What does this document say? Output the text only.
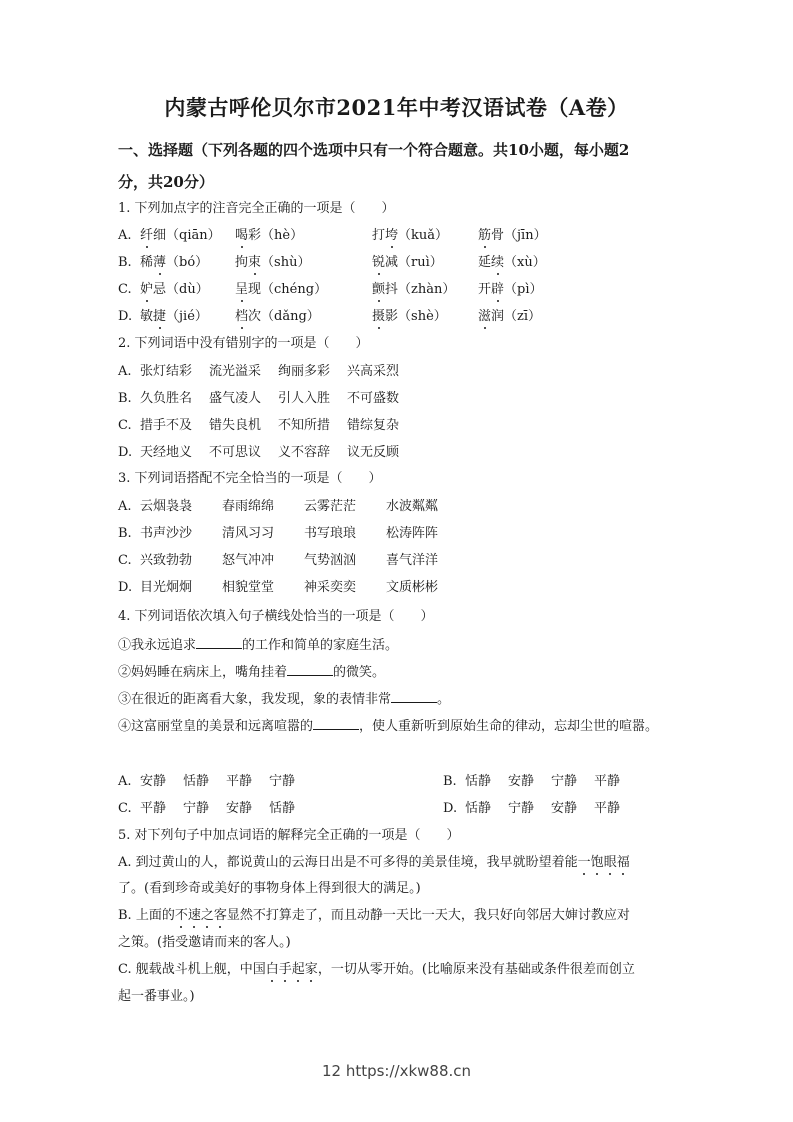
内蒙古呼伦贝尔市2021年中考汉语试卷（A卷）
一、选择题（下列各题的四个选项中只有一个符合题意。共10小题，每小题2
分，共20分）
1. 下列加点字的注音完全正确的一项是（　　）
A. 纤细（qiān） 喝彩（hè）	打垮（kuǎ） 筋骨（jīn）
B. 稀薄（bó） 拘束（shù）	锐减（ruì）	延续（xù）
C. 妒忌（dù） 呈现（chéng）	颤抖（zhàn） 开辟（pì）
D. 敏捷（jié） 档次（dǎng）	摄影（shè） 滋润（zī）
2. 下列词语中没有错别字的一项是（　　）
A. 张灯结彩 流光溢采 绚丽多彩 兴高采烈
B. 久负胜名 盛气凌人 引人入胜 不可盛数
C. 措手不及 错失良机 不知所措 错综复杂
D. 天经地义 不可思议 义不容辞 议无反顾
3. 下列词语搭配不完全恰当的一项是（　　）
A. 云烟袅袅 春雨绵绵 云雾茫茫 水波粼粼
B. 书声沙沙 清风习习 书写琅琅 松涛阵阵
C. 兴致勃勃 怒气冲冲 气势汹汹 喜气洋洋
D. 目光炯炯 相貌堂堂 神采奕奕 文质彬彬
4. 下列词语依次填入句子横线处恰当的一项是（　　）
①我永远追求	的工作和简单的家庭生活。
②妈妈睡在病床上，嘴角挂着	的微笑。
③在很近的距离看大象，我发现，象的表情非常	。
④这富丽堂皇的美景和远离喧嚣的	，使人重新听到原始生命的律动，忘却尘世的喧嚣。
A. 安静 恬静 平静 宁静	B. 恬静 安静 宁静 平静
C. 平静 宁静 安静 恬静	D. 恬静 宁静 安静 平静
5. 对下列句子中加点词语的解释完全正确的一项是（　　）
A. 到过黄山的人，都说黄山的云海日出是不可多得的美景佳境，我早就盼望着能一饱眼福
了。(看到珍奇或美好的事物身体上得到很大的满足。)
B. 上面的不速之客显然不打算走了，而且动静一天比一天大，我只好向邻居大婶讨教应对
之策。(指受邀请而来的客人。)
C. 舰载战斗机上舰，中国白手起家，一切从零开始。(比喻原来没有基础或条件很差而创立
起一番事业。)
12 https://xkw88.cn
